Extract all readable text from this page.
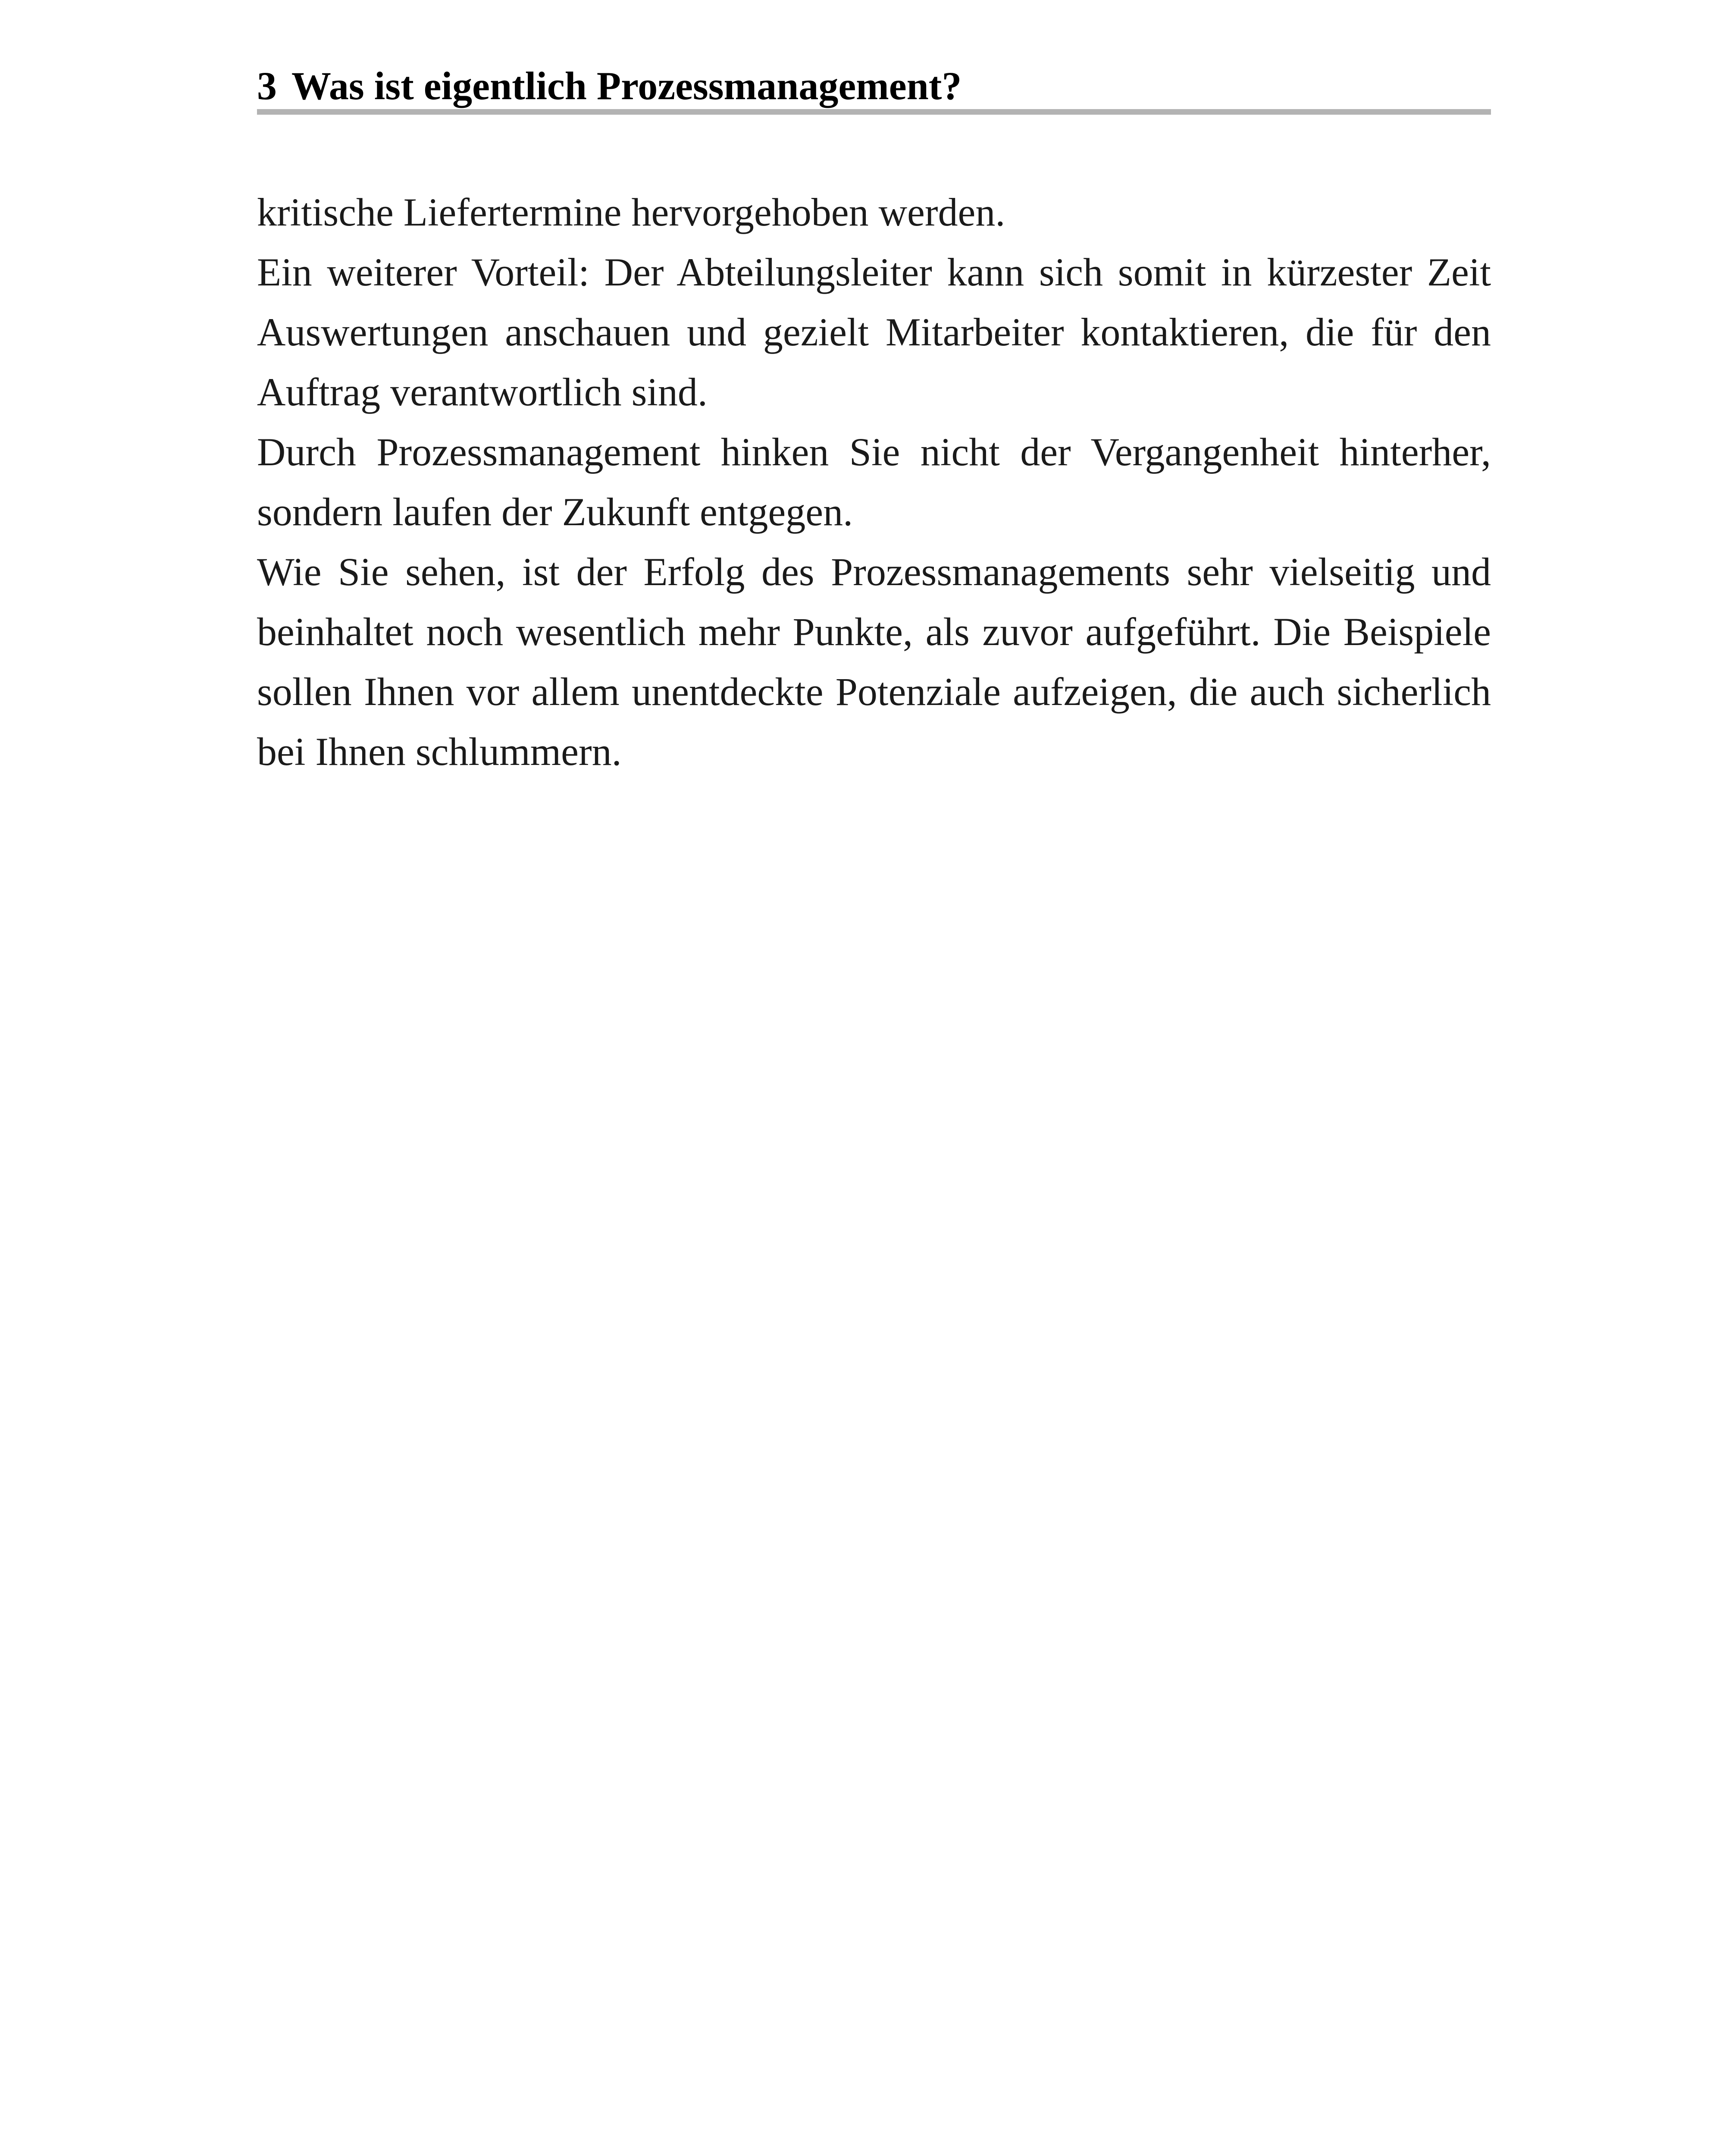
3 Was ist eigentlich Prozessmanagement?

kritische Liefertermine hervorgehoben werden.

Ein weiterer Vorteil: Der Abteilungsleiter kann sich somit in kürzester Zeit Auswertungen anschauen und gezielt Mitarbeiter kontaktieren, die für den Auftrag verantwortlich sind.

Durch Prozessmanagement hinken Sie nicht der Vergangenheit hinterher, sondern laufen der Zukunft entgegen.

Wie Sie sehen, ist der Erfolg des Prozessmanagements sehr vielseitig und beinhaltet noch wesentlich mehr Punkte, als zuvor aufgeführt. Die Beispiele sollen Ihnen vor allem unentdeckte Potenziale aufzeigen, die auch sicherlich bei Ihnen schlummern.
